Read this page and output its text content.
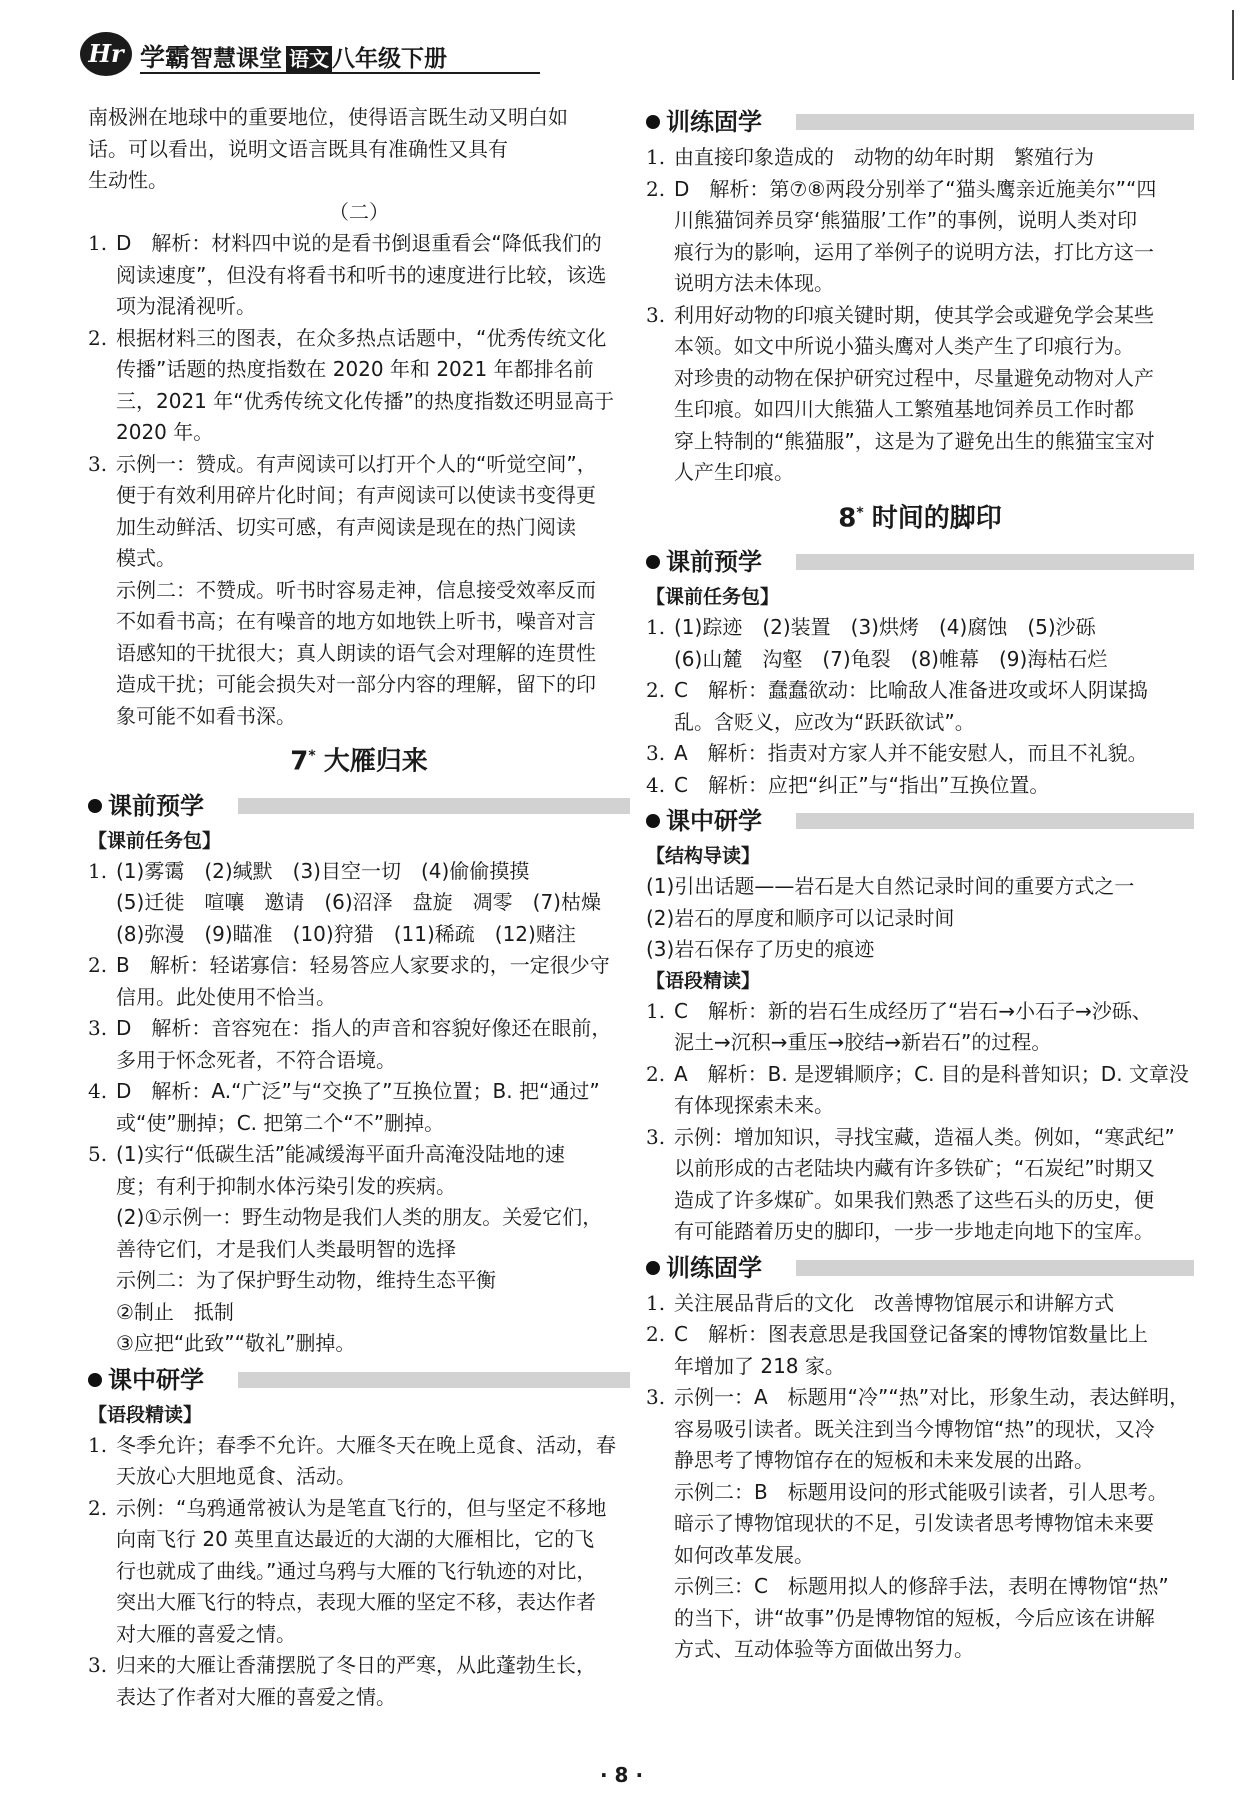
Hr 学霸智慧课堂 语文 八年级下册
南极洲在地球中的重要地位，使得语言既生动又明白如
话。可以看出，说明文语言既具有准确性又具有
生动性。
（二）
1. D　解析：材料四中说的是看书倒退重看会“降低我们的
阅读速度”，但没有将看书和听书的速度进行比较，该选
项为混淆视听。
2. 根据材料三的图表，在众多热点话题中，“优秀传统文化
传播”话题的热度指数在 2020 年和 2021 年都排名前
三，2021 年“优秀传统文化传播”的热度指数还明显高于
2020 年。
3. 示例一：赞成。有声阅读可以打开个人的“听觉空间”，
便于有效利用碎片化时间；有声阅读可以使读书变得更
加生动鲜活、切实可感，有声阅读是现在的热门阅读
模式。
示例二：不赞成。听书时容易走神，信息接受效率反而
不如看书高；在有噪音的地方如地铁上听书，噪音对言
语感知的干扰很大；真人朗读的语气会对理解的连贯性
造成干扰；可能会损失对一部分内容的理解，留下的印
象可能不如看书深。
7* 大雁归来
课前预学
【课前任务包】
1. (1)雾霭　(2)缄默　(3)目空一切　(4)偷偷摸摸
(5)迁徙　喧嚷　邀请　(6)沼泽　盘旋　凋零　(7)枯燥
(8)弥漫　(9)瞄准　(10)狩猎　(11)稀疏　(12)赌注
2. B　解析：轻诺寡信：轻易答应人家要求的，一定很少守
信用。此处使用不恰当。
3. D　解析：音容宛在：指人的声音和容貌好像还在眼前，
多用于怀念死者，不符合语境。
4. D　解析：A.“广泛”与“交换了”互换位置；B. 把“通过”
或“使”删掉；C. 把第二个“不”删掉。
5. (1)实行“低碳生活”能减缓海平面升高淹没陆地的速
度；有利于抑制水体污染引发的疾病。
(2)①示例一：野生动物是我们人类的朋友。关爱它们，
善待它们，才是我们人类最明智的选择
示例二：为了保护野生动物，维持生态平衡
②制止　抵制
③应把“此致”“敬礼”删掉。
课中研学
【语段精读】
1. 冬季允许；春季不允许。大雁冬天在晚上觅食、活动，春
天放心大胆地觅食、活动。
2. 示例：“乌鸦通常被认为是笔直飞行的，但与坚定不移地
向南飞行 20 英里直达最近的大湖的大雁相比，它的飞
行也就成了曲线。”通过乌鸦与大雁的飞行轨迹的对比，
突出大雁飞行的特点，表现大雁的坚定不移，表达作者
对大雁的喜爱之情。
3. 归来的大雁让香蒲摆脱了冬日的严寒，从此蓬勃生长，
表达了作者对大雁的喜爱之情。
训练固学
1. 由直接印象造成的　动物的幼年时期　繁殖行为
2. D　解析：第⑦⑧两段分别举了“猫头鹰亲近施美尔”“四
川熊猫饲养员穿‘熊猫服’工作”的事例，说明人类对印
痕行为的影响，运用了举例子的说明方法，打比方这一
说明方法未体现。
3. 利用好动物的印痕关键时期，使其学会或避免学会某些
本领。如文中所说小猫头鹰对人类产生了印痕行为。
对珍贵的动物在保护研究过程中，尽量避免动物对人产
生印痕。如四川大熊猫人工繁殖基地饲养员工作时都
穿上特制的“熊猫服”，这是为了避免出生的熊猫宝宝对
人产生印痕。
8* 时间的脚印
课前预学
【课前任务包】
1. (1)踪迹　(2)装置　(3)烘烤　(4)腐蚀　(5)沙砾
(6)山麓　沟壑　(7)龟裂　(8)帷幕　(9)海枯石烂
2. C　解析：蠢蠢欲动：比喻敌人准备进攻或坏人阴谋捣
乱。含贬义，应改为“跃跃欲试”。
3. A　解析：指责对方家人并不能安慰人，而且不礼貌。
4. C　解析：应把“纠正”与“指出”互换位置。
课中研学
【结构导读】
(1)引出话题——岩石是大自然记录时间的重要方式之一
(2)岩石的厚度和顺序可以记录时间
(3)岩石保存了历史的痕迹
【语段精读】
1. C　解析：新的岩石生成经历了“岩石→小石子→沙砾、
泥土→沉积→重压→胶结→新岩石”的过程。
2. A　解析：B. 是逻辑顺序；C. 目的是科普知识；D. 文章没
有体现探索未来。
3. 示例：增加知识，寻找宝藏，造福人类。例如，“寒武纪”
以前形成的古老陆块内藏有许多铁矿；“石炭纪”时期又
造成了许多煤矿。如果我们熟悉了这些石头的历史，便
有可能踏着历史的脚印，一步一步地走向地下的宝库。
训练固学
1. 关注展品背后的文化　改善博物馆展示和讲解方式
2. C　解析：图表意思是我国登记备案的博物馆数量比上
年增加了 218 家。
3. 示例一：A　标题用“冷”“热”对比，形象生动，表达鲜明，
容易吸引读者。既关注到当今博物馆“热”的现状，又冷
静思考了博物馆存在的短板和未来发展的出路。
示例二：B　标题用设问的形式能吸引读者，引人思考。
暗示了博物馆现状的不足，引发读者思考博物馆未来要
如何改革发展。
示例三：C　标题用拟人的修辞手法，表明在博物馆“热”
的当下，讲“故事”仍是博物馆的短板，今后应该在讲解
方式、互动体验等方面做出努力。
· 8 ·
